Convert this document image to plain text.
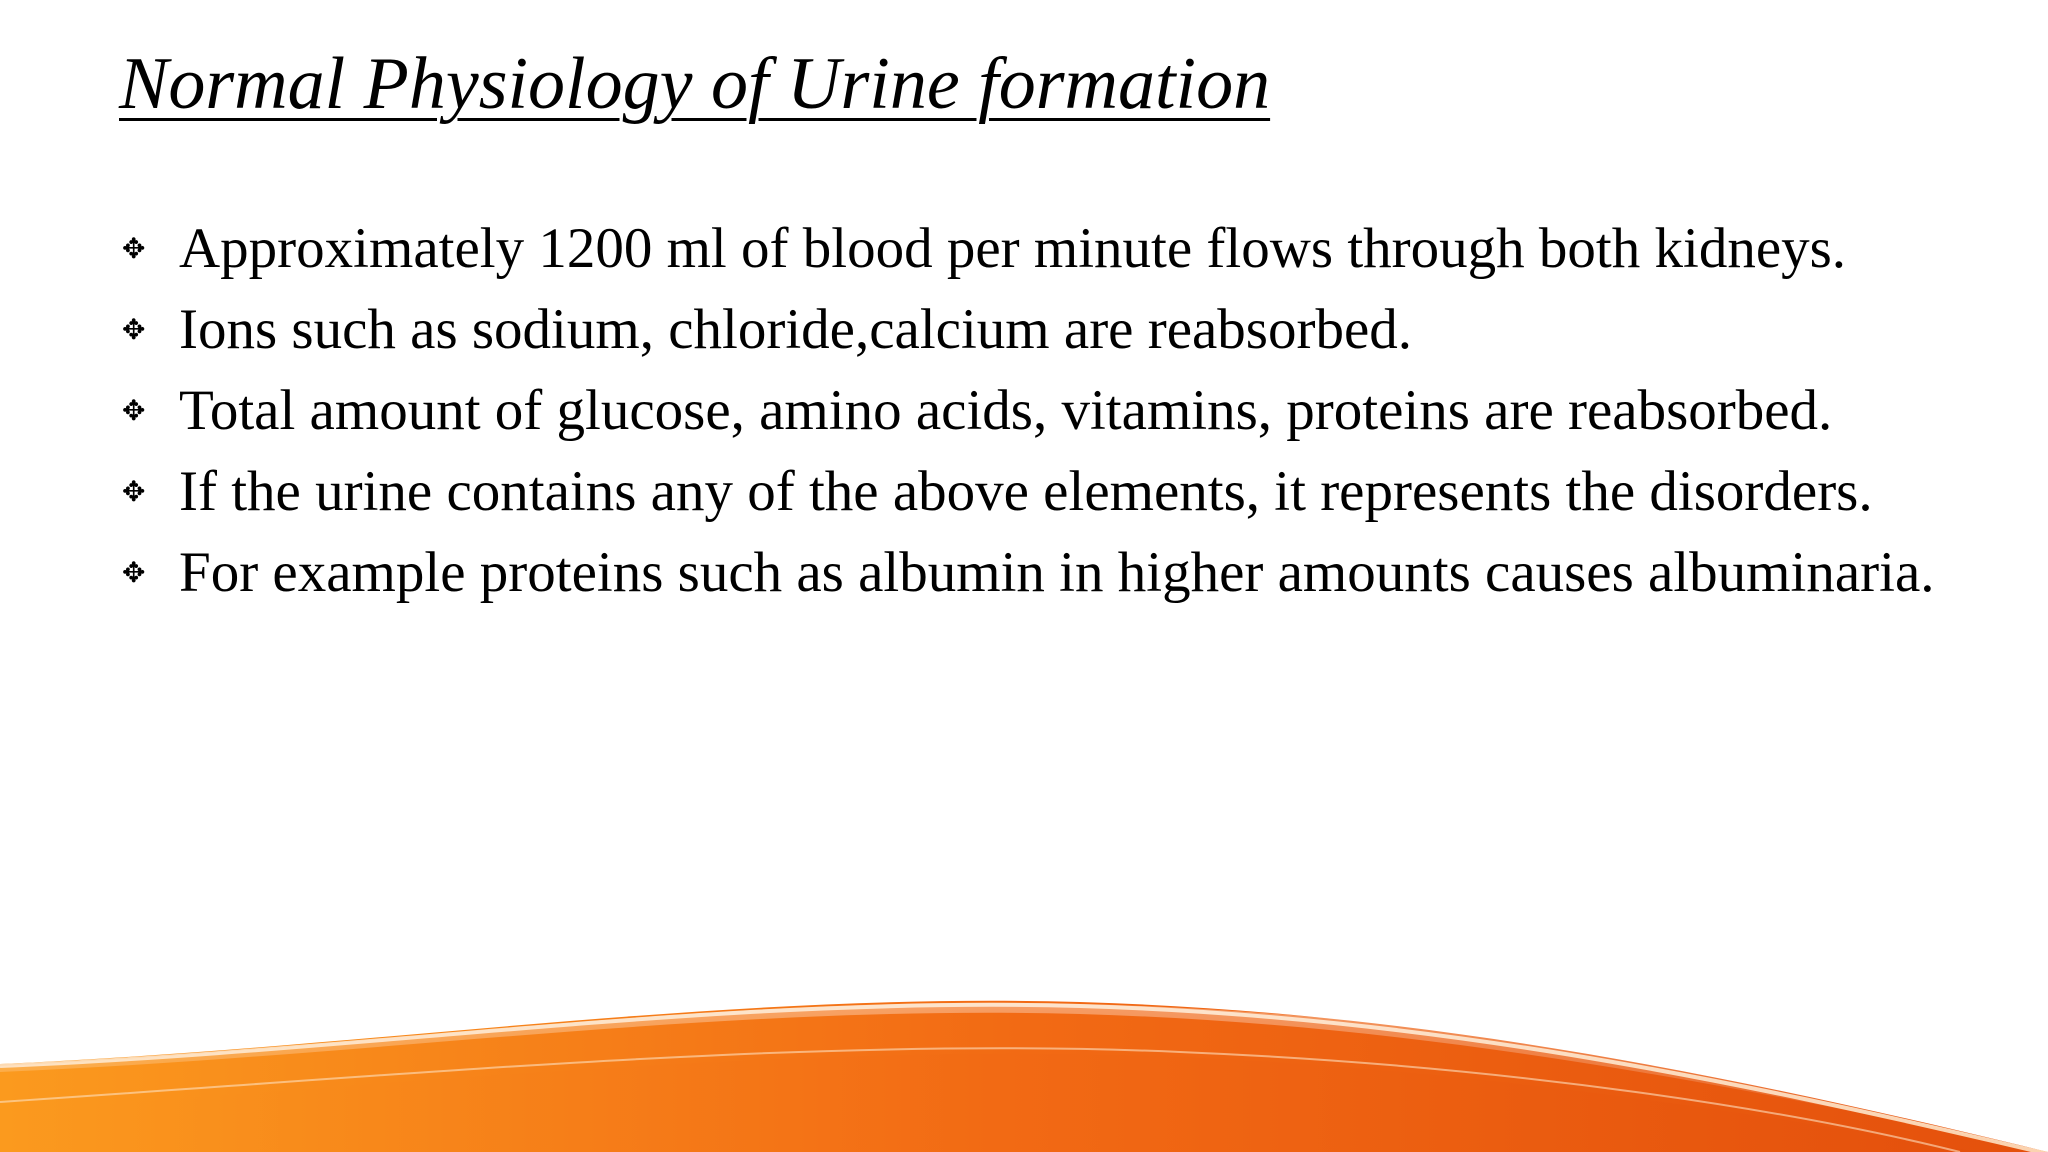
Normal Physiology of Urine formation
✥ Approximately 1200 ml of blood per minute flows through both kidneys.
✥ Ions such as sodium, chloride,calcium are reabsorbed.
✥ Total amount of glucose, amino acids, vitamins, proteins are reabsorbed.
✥ If the urine contains any of the above elements, it represents the disorders.
✥ For example proteins such as albumin in higher amounts causes albuminaria.
